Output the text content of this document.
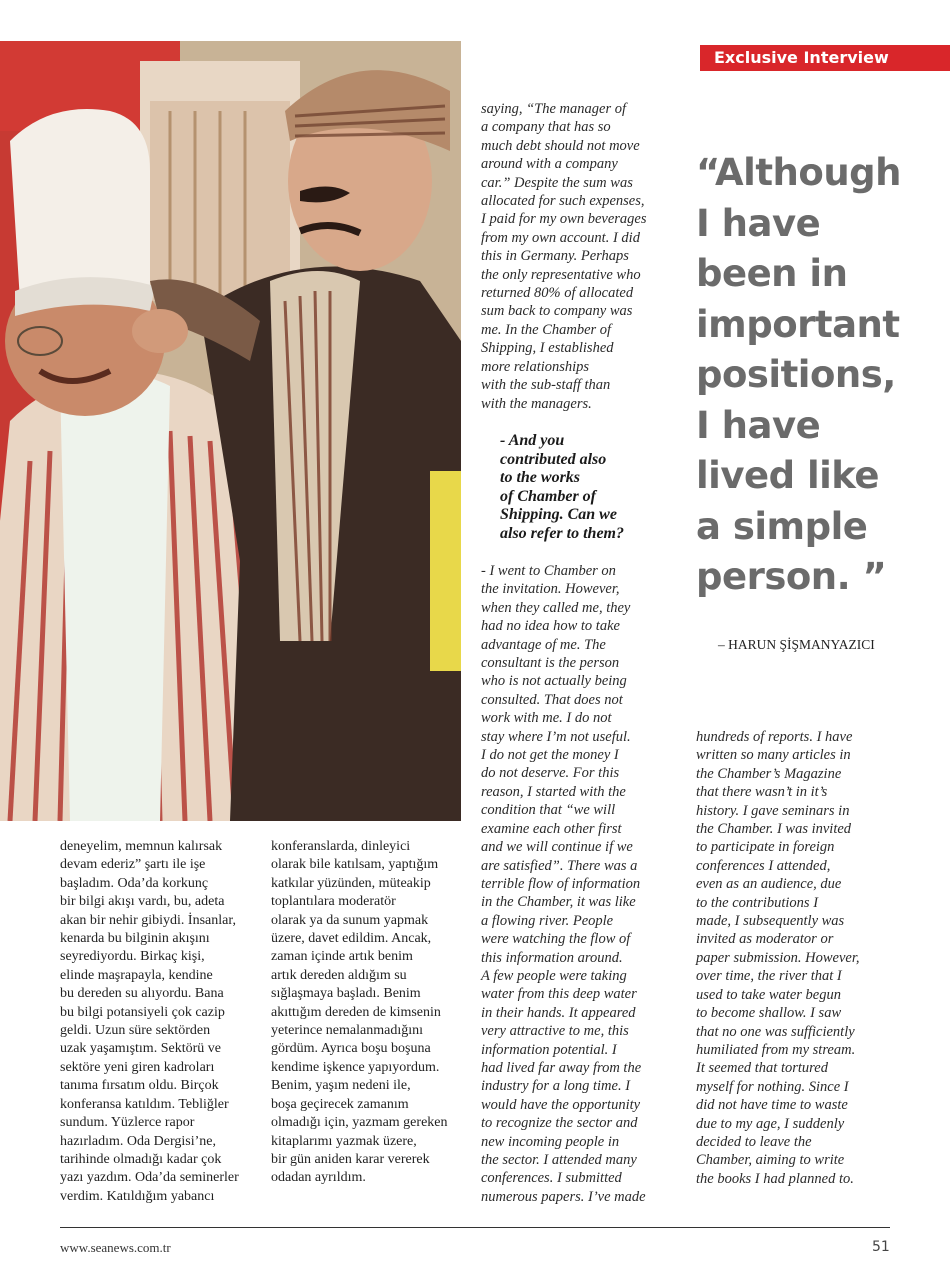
Exclusive Interview

saying, “The manager of
a company that has so
much debt should not move
around with a company
car.” Despite the sum was
allocated for such expenses,
I paid for my own beverages
from my own account. I did
this in Germany. Perhaps
the only representative who
returned 80% of allocated
sum back to company was
me. In the Chamber of
Shipping, I established
more relationships
with the sub-staff than
with the managers.

- And you
contributed also
to the works
of Chamber of
Shipping. Can we
also refer to them?

- I went to Chamber on
the invitation. However,
when they called me, they
had no idea how to take
advantage of me. The
consultant is the person
who is not actually being
consulted. That does not
work with me. I do not
stay where I’m not useful.
I do not get the money I
do not deserve. For this
reason, I started with the
condition that “we will
examine each other first
and we will continue if we
are satisfied”. There was a
terrible flow of information
in the Chamber, it was like
a flowing river. People
were watching the flow of
this information around.
A few people were taking
water from this deep water
in their hands. It appeared
very attractive to me, this
information potential. I
had lived far away from the
industry for a long time. I
would have the opportunity
to recognize the sector and
new incoming people in
the sector. I attended many
conferences. I submitted
numerous papers. I’ve made

“Although
I have
been in
important
positions,
I have
lived like
a simple
person. ”

– HARUN ŞİŞMANYAZICI

hundreds of reports. I have
written so many articles in
the Chamber’s Magazine
that there wasn’t in it’s
history. I gave seminars in
the Chamber. I was invited
to participate in foreign
conferences I attended,
even as an audience, due
to the contributions I
made, I subsequently was
invited as moderator or
paper submission. However,
over time, the river that I
used to take water begun
to become shallow. I saw
that no one was sufficiently
humiliated from my stream.
It seemed that tortured
myself for nothing. Since I
did not have time to waste
due to my age, I suddenly
decided to leave the
Chamber, aiming to write
the books I had planned to.

deneyelim, memnun kalırsak
devam ederiz” şartı ile işe
başladım. Oda’da korkunç
bir bilgi akışı vardı, bu, adeta
akan bir nehir gibiydi. İnsanlar,
kenarda bu bilginin akışını
seyrediyordu. Birkaç kişi,
elinde maşrapayla, kendine
bu dereden su alıyordu. Bana
bu bilgi potansiyeli çok cazip
geldi. Uzun süre sektörden
uzak yaşamıştım. Sektörü ve
sektöre yeni giren kadroları
tanıma fırsatım oldu. Birçok
konferansa katıldım. Tebliğler
sundum. Yüzlerce rapor
hazırladım. Oda Dergisi’ne,
tarihinde olmadığı kadar çok
yazı yazdım. Oda’da seminerler
verdim. Katıldığım yabancı

konferanslarda, dinleyici
olarak bile katılsam, yaptığım
katkılar yüzünden, müteakip
toplantılara moderatör
olarak ya da sunum yapmak
üzere, davet edildim. Ancak,
zaman içinde artık benim
artık dereden aldığım su
sığlaşmaya başladı. Benim
akıttığım dereden de kimsenin
yeterince nemalanmadığını
gördüm. Ayrıca boşu boşuna
kendime işkence yapıyordum.
Benim, yaşım nedeni ile,
boşa geçirecek zamanım
olmadığı için, yazmam gereken
kitaplarımı yazmak üzere,
bir gün aniden karar vererek
odadan ayrıldım.

www.seanews.com.tr	51
